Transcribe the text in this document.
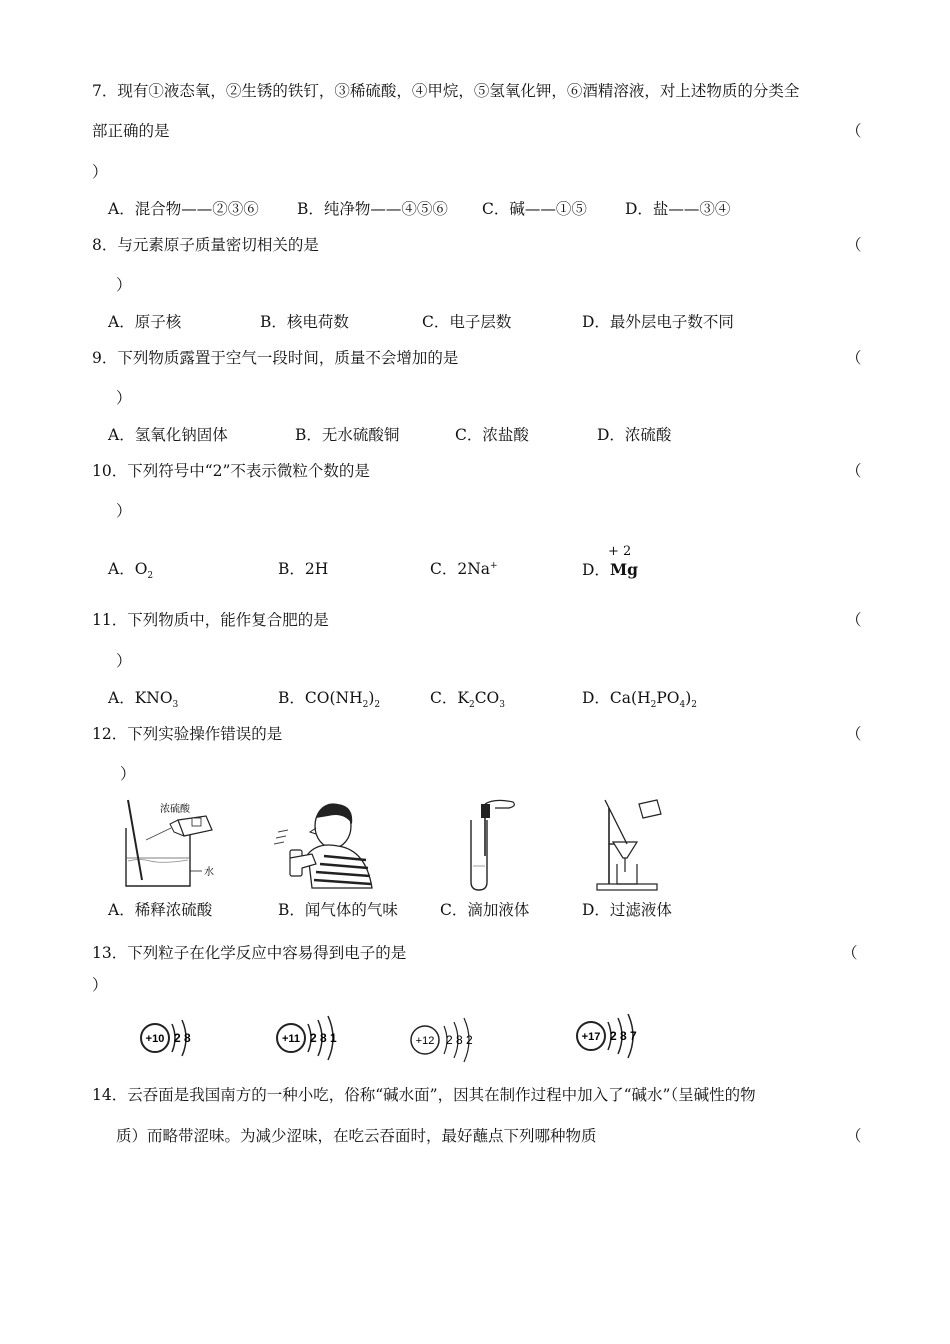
7．现有①液态氧，②生锈的铁钉，③稀硫酸，④甲烷，⑤氢氧化钾，⑥酒精溶液，对上述物质的分类全
部正确的是	（
）
A．混合物——②③⑥ B．纯净物——④⑤⑥ C．碱——①⑤ D．盐——③④
8．与元素原子质量密切相关的是	（
）
A．原子核	B．核电荷数	C．电子层数	D．最外层电子数不同
9．下列物质露置于空气一段时间，质量不会增加的是	（
）
A．氢氧化钠固体	B．无水硫酸铜	C．浓盐酸	D．浓硫酸
10．下列符号中“2”不表示微粒个数的是	（
）
A．$O_2$	B．2H	C．2Na+
+ 2
D．Mg
11．下列物质中，能作复合肥的是	（
）
A．$KNO_3$	B．$CO(NH_2)_2$	C．$K_2CO_3$	D．$Ca(H_2PO_4)_2$
12．下列实验操作错误的是	（
）
浓硫酸
水
A．稀释浓硫酸	B．闻气体的气味	C．滴加液体	D．过滤液体
13．下列粒子在化学反应中容易得到电子的是	（
）
+10 2 8	+11 2 8 1	+12 2 8 2	+17 2 8 7
14．云吞面是我国南方的一种小吃，俗称“碱水面”，因其在制作过程中加入了“碱水”（呈碱性的物
质）而略带涩味。为减少涩味，在吃云吞面时，最好蘸点下列哪种物质	（
